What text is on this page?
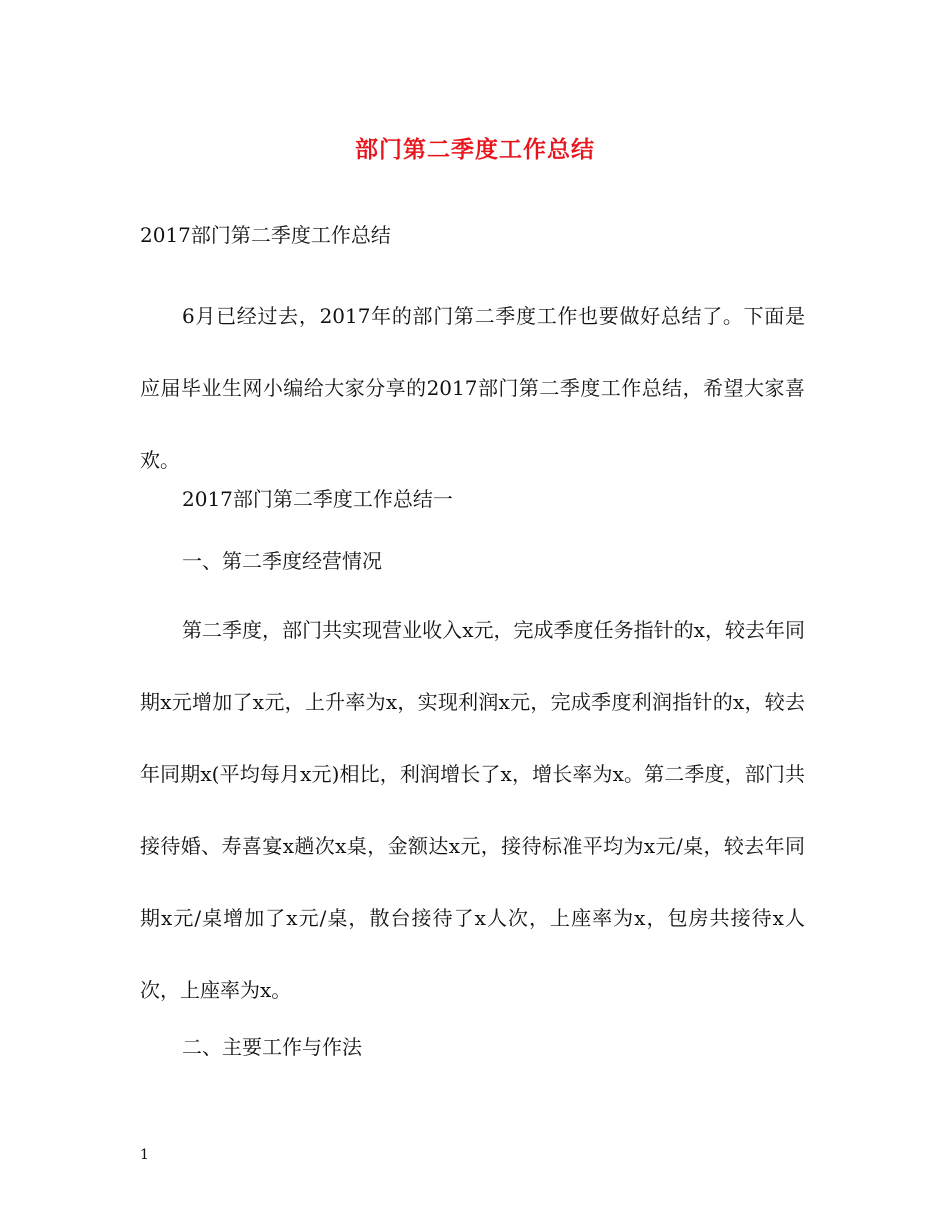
部门第二季度工作总结

2017部门第二季度工作总结

6月已经过去，2017年的部门第二季度工作也要做好总结了。下面是应届毕业生网小编给大家分享的2017部门第二季度工作总结，希望大家喜欢。

2017部门第二季度工作总结一

一、第二季度经营情况

第二季度，部门共实现营业收入x元，完成季度任务指针的x，较去年同期x元增加了x元，上升率为x，实现利润x元，完成季度利润指针的x，较去年同期x(平均每月x元)相比，利润增长了x，增长率为x。第二季度，部门共接待婚、寿喜宴x趟次x桌，金额达x元，接待标准平均为x元/桌，较去年同期x元/桌增加了x元/桌，散台接待了x人次，上座率为x，包房共接待x人次，上座率为x。

二、主要工作与作法

1
